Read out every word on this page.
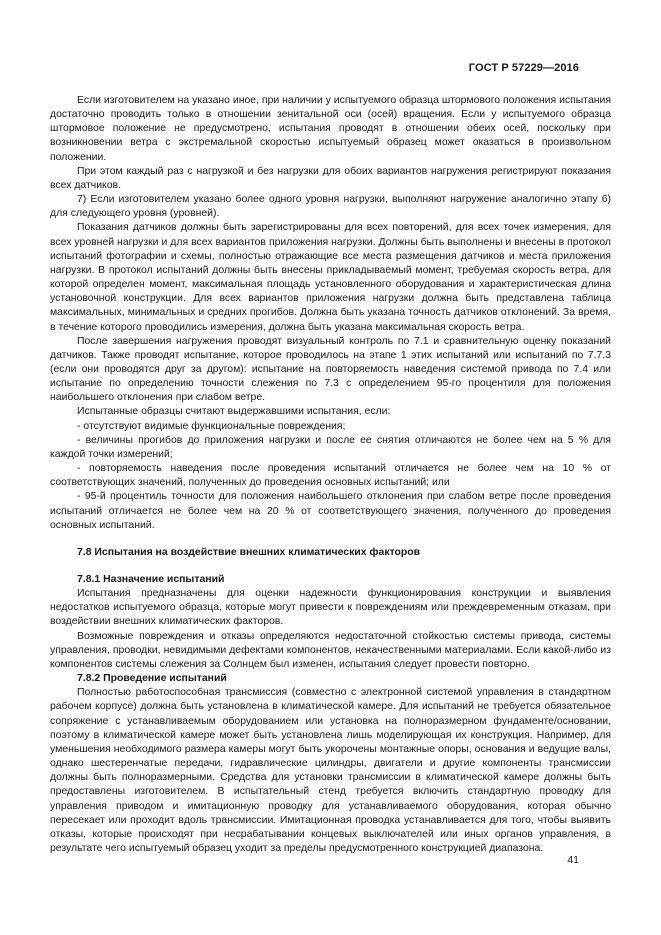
ГОСТ Р 57229—2016

Если изготовителем на указано иное, при наличии у испытуемого образца штормового положения испытания достаточно проводить только в отношении зенитальной оси (осей) вращения. Если у испытуемого образца штормовое положение не предусмотрено, испытания проводят в отношении обеих осей, поскольку при возникновении ветра с экстремальной скоростью испытуемый образец может оказаться в произвольном положении.

При этом каждый раз с нагрузкой и без нагрузки для обоих вариантов нагружения регистрируют показания всех датчиков.

7) Если изготовителем указано более одного уровня нагрузки, выполняют нагружение аналогично этапу 6) для следующего уровня (уровней).

Показания датчиков должны быть зарегистрированы для всех повторений, для всех точек измерения, для всех уровней нагрузки и для всех вариантов приложения нагрузки. Должны быть выполнены и внесены в протокол испытаний фотографии и схемы, полностью отражающие все места размещения датчиков и места приложения нагрузки. В протокол испытаний должны быть внесены прикладываемый момент, требуемая скорость ветра, для которой определен момент, максимальная площадь установленного оборудования и характеристическая длина установочной конструкции. Для всех вариантов приложения нагрузки должна быть представлена таблица максимальных, минимальных и средних прогибов. Должна быть указана точность датчиков отклонений. За время, в течение которого проводились измерения, должна быть указана максимальная скорость ветра.

После завершения нагружения проводят визуальный контроль по 7.1 и сравнительную оценку показаний датчиков. Также проводят испытание, которое проводилось на этапе 1 этих испытаний или испытаний по 7.7.3 (если они проводятся друг за другом): испытание на повторяемость наведения системой привода по 7.4 или испытание по определению точности слежения по 7.3 с определением 95-го процентиля для положения наибольшего отклонения при слабом ветре.

Испытанные образцы считают выдержавшими испытания, если:

- отсутствуют видимые функциональные повреждения;

- величины прогибов до приложения нагрузки и после ее снятия отличаются не более чем на 5 % для каждой точки измерений;

- повторяемость наведения после проведения испытаний отличается не более чем на 10 % от соответствующих значений, полученных до проведения основных испытаний; или

- 95-й процентиль точности для положения наибольшего отклонения при слабом ветре после проведения испытаний отличается не более чем на 20 % от соответствующего значения, полученного до проведения основных испытаний.

7.8 Испытания на воздействие внешних климатических факторов

7.8.1 Назначение испытаний

Испытания предназначены для оценки надежности функционирования конструкции и выявления недостатков испытуемого образца, которые могут привести к повреждениям или преждевременным отказам, при воздействии внешних климатических факторов.

Возможные повреждения и отказы определяются недостаточной стойкостью системы привода, системы управления, проводки, невидимыми дефектами компонентов, некачественными материалами. Если какой-либо из компонентов системы слежения за Солнцем был изменен, испытания следует провести повторно.

7.8.2 Проведение испытаний

Полностью работоспособная трансмиссия (совместно с электронной системой управления в стандартном рабочем корпусе) должна быть установлена в климатической камере. Для испытаний не требуется обязательное сопряжение с устанавливаемым оборудованием или установка на полноразмерном фундаменте/основании, поэтому в климатической камере может быть установлена лишь моделирующая их конструкция. Например, для уменьшения необходимого размера камеры могут быть укорочены монтажные опоры, основания и ведущие валы, однако шестеренчатые передачи, гидравлические цилиндры, двигатели и другие компоненты трансмиссии должны быть полноразмерными. Средства для установки трансмиссии в климатической камере должны быть предоставлены изготовителем. В испытательный стенд требуется включить стандартную проводку для управления приводом и имитационную проводку для устанавливаемого оборудования, которая обычно пересекает или проходит вдоль трансмиссии. Имитационная проводка устанавливается для того, чтобы выявить отказы, которые происходят при несрабатывании концевых выключателей или иных органов управления, в результате чего испытуемый образец уходит за пределы предусмотренного конструкцией диапазона.

41
